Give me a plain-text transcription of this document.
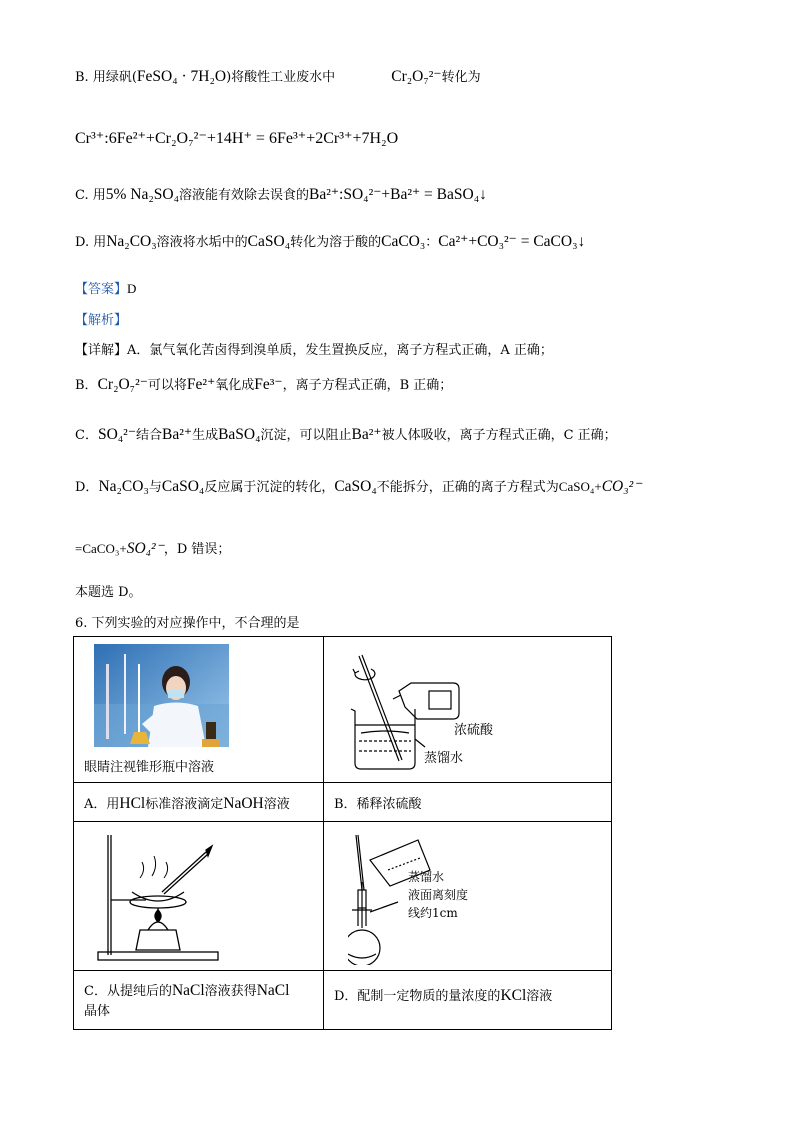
B. 用绿矾(FeSO₄ · 7H₂O)将酸性工业废水中	Cr₂O₇²⁻转化为
Cr³⁺:6Fe²⁺+Cr₂O₇²⁻+14H⁺ = 6Fe³⁺+2Cr³⁺+7H₂O
C. 用5% Na₂SO₄溶液能有效除去误食的Ba²⁺:SO₄²⁻+Ba²⁺ = BaSO₄↓
D. 用Na₂CO₃溶液将水垢中的CaSO₄转化为溶于酸的CaCO₃：Ca²⁺+CO₃²⁻ = CaCO₃↓
【答案】D
【解析】
【详解】A．氯气氧化苦卤得到溴单质，发生置换反应，离子方程式正确，A 正确；
B．Cr₂O₇²⁻可以将Fe²⁺氧化成Fe³⁻，离子方程式正确，B 正确；
C．SO₄²⁻结合Ba²⁺生成BaSO₄沉淀，可以阻止Ba²⁺被人体吸收，离子方程式正确，C 正确；
D．Na₂CO₃与CaSO₄反应属于沉淀的转化，CaSO₄不能拆分，正确的离子方程式为CaSO₄+CO₃²⁻
=CaCO₃+SO₄²⁻，D 错误；
本题选 D。
6. 下列实验的对应操作中，不合理的是
眼睛注视锥形瓶中溶液	浓硫酸
蒸馏水

A．用HCl标准溶液滴定NaOH溶液	B．稀释浓硫酸

蒸馏水
液面离刻度
线约1cm

C．从提纯后的NaCl溶液获得NaCl
晶体	D．配制一定物质的量浓度的KCl溶液
